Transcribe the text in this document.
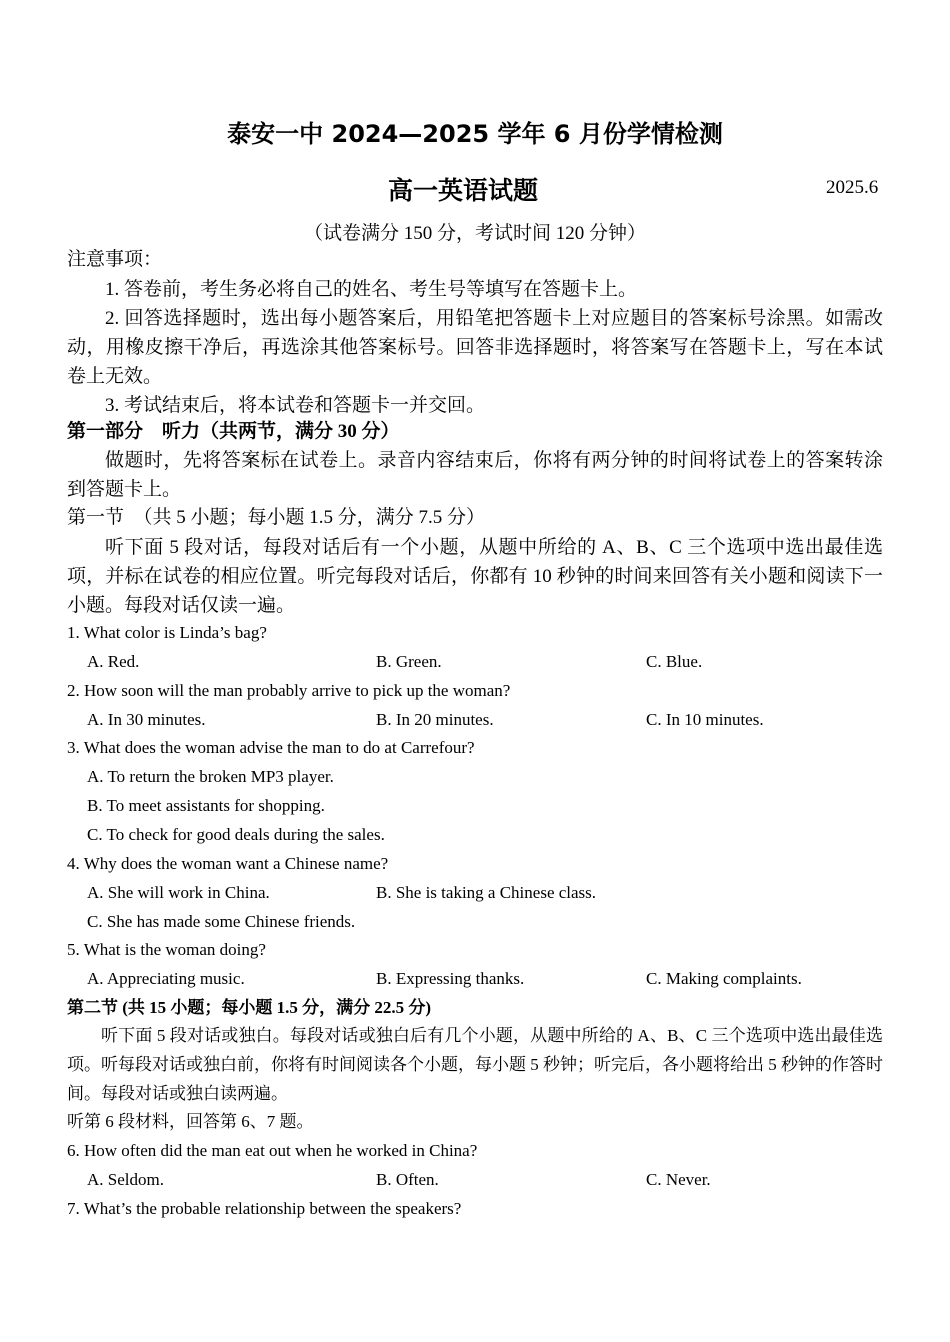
泰安一中 2024—2025 学年 6 月份学情检测
高一英语试题	2025.6
（试卷满分 150 分，考试时间 120 分钟）
注意事项：
1. 答卷前，考生务必将自己的姓名、考生号等填写在答题卡上。
2. 回答选择题时，选出每小题答案后，用铅笔把答题卡上对应题目的答案标号涂黑。如需改动，用橡皮擦干净后，再选涂其他答案标号。回答非选择题时，将答案写在答题卡上，写在本试卷上无效。
3. 考试结束后，将本试卷和答题卡一并交回。
第一部分　听力（共两节，满分 30 分）
做题时，先将答案标在试卷上。录音内容结束后，你将有两分钟的时间将试卷上的答案转涂到答题卡上。
第一节　（共 5 小题；每小题 1.5 分，满分 7.5 分）
听下面 5 段对话，每段对话后有一个小题，从题中所给的 A、B、C 三个选项中选出最佳选项，并标在试卷的相应位置。听完每段对话后，你都有 10 秒钟的时间来回答有关小题和阅读下一小题。每段对话仅读一遍。
1. What color is Linda’s bag?
A. Red.	B. Green.	C. Blue.
2. How soon will the man probably arrive to pick up the woman?
A. In 30 minutes.	B. In 20 minutes.	C. In 10 minutes.
3. What does the woman advise the man to do at Carrefour?
A. To return the broken MP3 player.
B. To meet assistants for shopping.
C. To check for good deals during the sales.
4. Why does the woman want a Chinese name?
A. She will work in China.	B. She is taking a Chinese class.
C. She has made some Chinese friends.
5. What is the woman doing?
A. Appreciating music.	B. Expressing thanks.	C. Making complaints.
第二节 (共 15 小题；每小题 1.5 分，满分 22.5 分)
听下面 5 段对话或独白。每段对话或独白后有几个小题，从题中所给的 A、B、C 三个选项中选出最佳选项。听每段对话或独白前，你将有时间阅读各个小题，每小题 5 秒钟；听完后，各小题将给出 5 秒钟的作答时间。每段对话或独白读两遍。
听第 6 段材料，回答第 6、7 题。
6. How often did the man eat out when he worked in China?
A. Seldom.	B. Often.	C. Never.
7. What’s the probable relationship between the speakers?
